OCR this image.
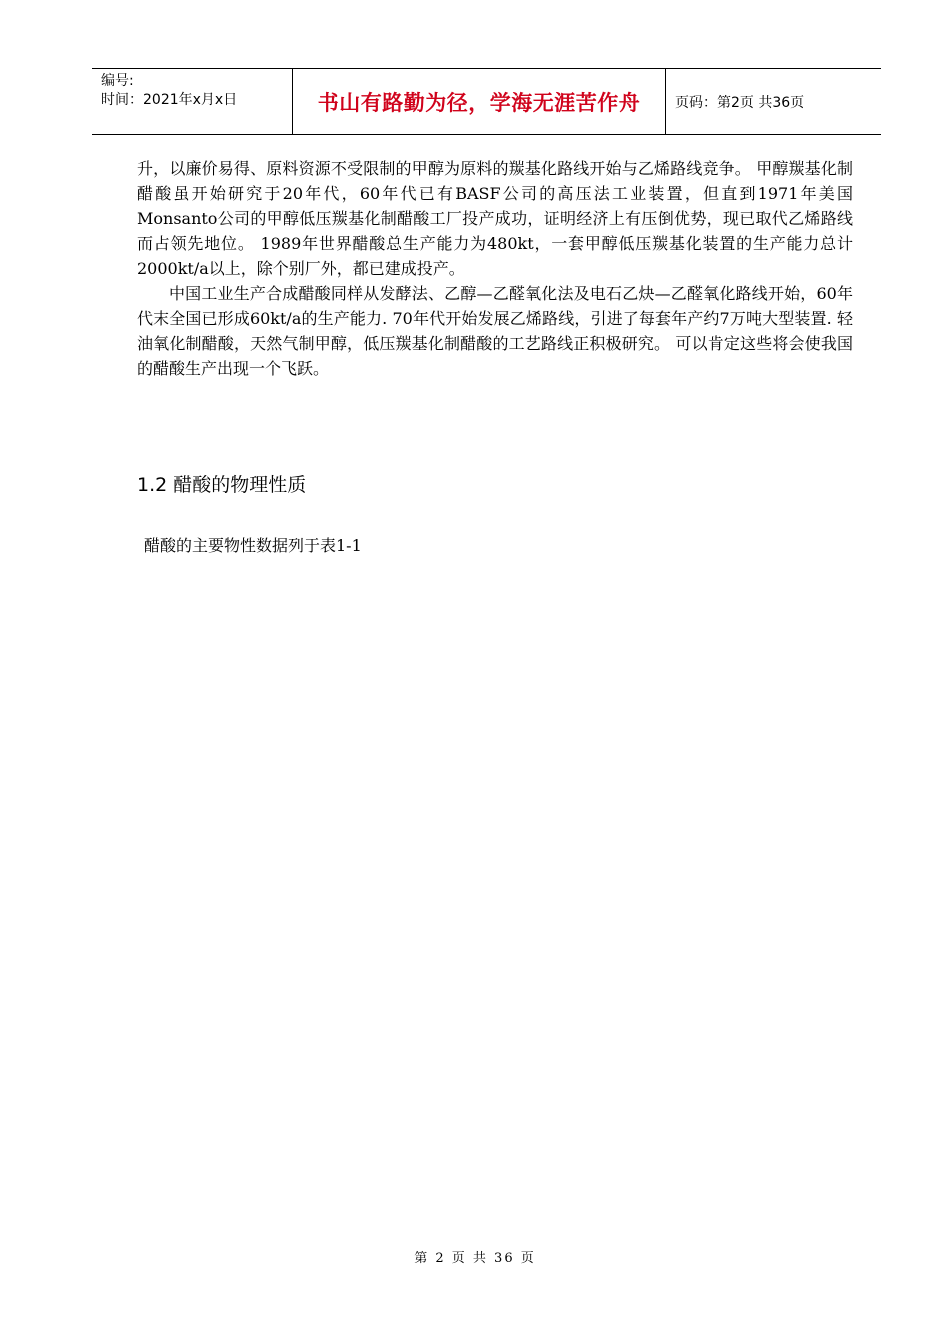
编号:
时间：2021年x月x日	书山有路勤为径，学海无涯苦作舟	页码：第2页 共36页

升，以廉价易得、原料资源不受限制的甲醇为原料的羰基化路线开始与乙烯路线竞争。 甲醇羰基化制醋酸虽开始研究于20年代，60年代已有BASF公司的高压法工业装置，但直到1971年美国Monsanto公司的甲醇低压羰基化制醋酸工厂投产成功，证明经济上有压倒优势，现已取代乙烯路线而占领先地位。 1989年世界醋酸总生产能力为480kt，一套甲醇低压羰基化装置的生产能力总计2000kt/a以上，除个别厂外，都已建成投产。

中国工业生产合成醋酸同样从发酵法、乙醇—乙醛氧化法及电石乙炔—乙醛氧化路线开始，60年代末全国已形成60kt/a的生产能力. 70年代开始发展乙烯路线，引进了每套年产约7万吨大型装置. 轻油氧化制醋酸，天然气制甲醇，低压羰基化制醋酸的工艺路线正积极研究。 可以肯定这些将会使我国的醋酸生产出现一个飞跃。

1.2 醋酸的物理性质

醋酸的主要物性数据列于表1-1

第 2 页 共 36 页
